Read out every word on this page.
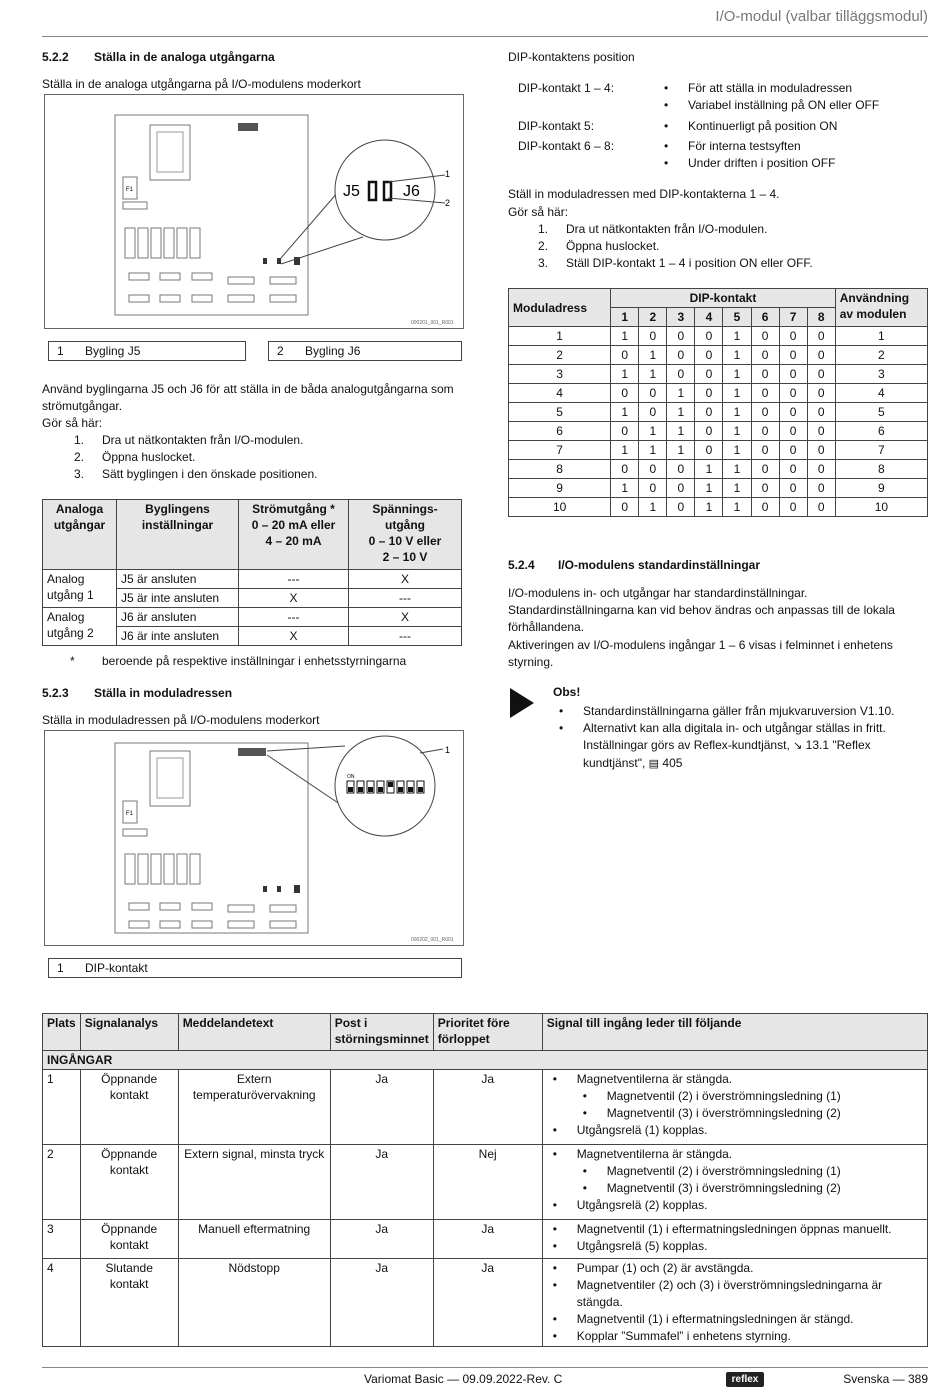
I/O-modul (valbar tilläggsmodul)
5.2.2 Ställa in de analoga utgångarna

Ställa in de analoga utgångarna på I/O-modulens moderkort

F1	J5	J6
1
2
000201_001_R001
1 Bygling J5	2 Bygling J6

Använd byglingarna J5 och J6 för att ställa in de båda analogutgångarna som strömutgångar.

Gör så här:

1. Dra ut nätkontakten från I/O-modulen.
2. Öppna huslocket.
3. Sätt byglingen i den önskade positionen.
Analoga utgångar	Byglingens inställningar	Strömutgång *
0 – 20 mA eller
4 – 20 mA	Spännings-
utgång
0 – 10 V eller
2 – 10 V
Analog utgång 1	J5 är ansluten	---	X
	J5 är inte ansluten	X	---
Analog utgång 2	J6 är ansluten	---	X
	J6 är inte ansluten	X	---
* beroende på respektive inställningar i enhetsstyrningarna
5.2.3 Ställa in moduladressen

Ställa in moduladressen på I/O-modulens moderkort

F1
ON
1
000202_001_R001
1 DIP-kontakt

DIP-kontaktens position

DIP-kontakt 1 – 4:	• För att ställa in moduladressen
• Variabel inställning på ON eller OFF
DIP-kontakt 5:	• Kontinuerligt på position ON
DIP-kontakt 6 – 8:	• För interna testsyften
• Under driften i position OFF

Ställ in moduladressen med DIP-kontakterna 1 – 4.

Gör så här:

1. Dra ut nätkontakten från I/O-modulen.
2. Öppna huslocket.
3. Ställ DIP-kontakt 1 – 4 i position ON eller OFF.
Moduladress	DIP-kontakt								Användning av modulen
	1	2	3	4	5	6	7	8	
1	1	0	0	0	1	0	0	0	1
2	0	1	0	0	1	0	0	0	2
3	1	1	0	0	1	0	0	0	3
4	0	0	1	0	1	0	0	0	4
5	1	0	1	0	1	0	0	0	5
6	0	1	1	0	1	0	0	0	6
7	1	1	1	0	1	0	0	0	7
8	0	0	0	1	1	0	0	0	8
9	1	0	0	1	1	0	0	0	9
10	0	1	0	1	1	0	0	0	10
5.2.4 I/O-modulens standardinställningar

I/O-modulens in- och utgångar har standardinställningar.

Standardinställningarna kan vid behov ändras och anpassas till de lokala förhållandena.

Aktiveringen av I/O-modulens ingångar 1 – 6 visas i felminnet i enhetens styrning.

Obs!
• Standardinställningarna gäller från mjukvaruversion V1.10.
• Alternativt kan alla digitala in- och utgångar ställas in fritt. Inställningar görs av Reflex-kundtjänst, ↘ 13.1 "Reflex kundtjänst", ▤ 405
Plats	Signalanalys	Meddelandetext	Post i störningsminnet	Prioritet före förloppet	Signal till ingång leder till följande
INGÅNGAR					
1	Öppnande kontakt	Extern temperaturövervakning	Ja	Ja	• Magnetventilerna är stängda.
• Magnetventil (2) i överströmningsledning (1)
• Magnetventil (3) i överströmningsledning (2)
• Utgångsrelä (1) kopplas.

2	Öppnande kontakt	Extern signal, minsta tryck	Ja	Nej	• Magnetventilerna är stängda.
• Magnetventil (2) i överströmningsledning (1)
• Magnetventil (3) i överströmningsledning (2)
• Utgångsrelä (2) kopplas.

3	Öppnande kontakt	Manuell eftermatning	Ja	Ja	• Magnetventil (1) i eftermatningsledningen öppnas manuellt.
• Utgångsrelä (5) kopplas.

4	Slutande kontakt	Nödstopp	Ja	Ja	• Pumpar (1) och (2) är avstängda.
• Magnetventiler (2) och (3) i överströmningsledningarna är stängda.
• Magnetventil (1) i eftermatningsledningen är stängd.
• Kopplar ”Summafel” i enhetens styrning.
Variomat Basic — 09.09.2022-Rev. C	reflex	Svenska — 389
